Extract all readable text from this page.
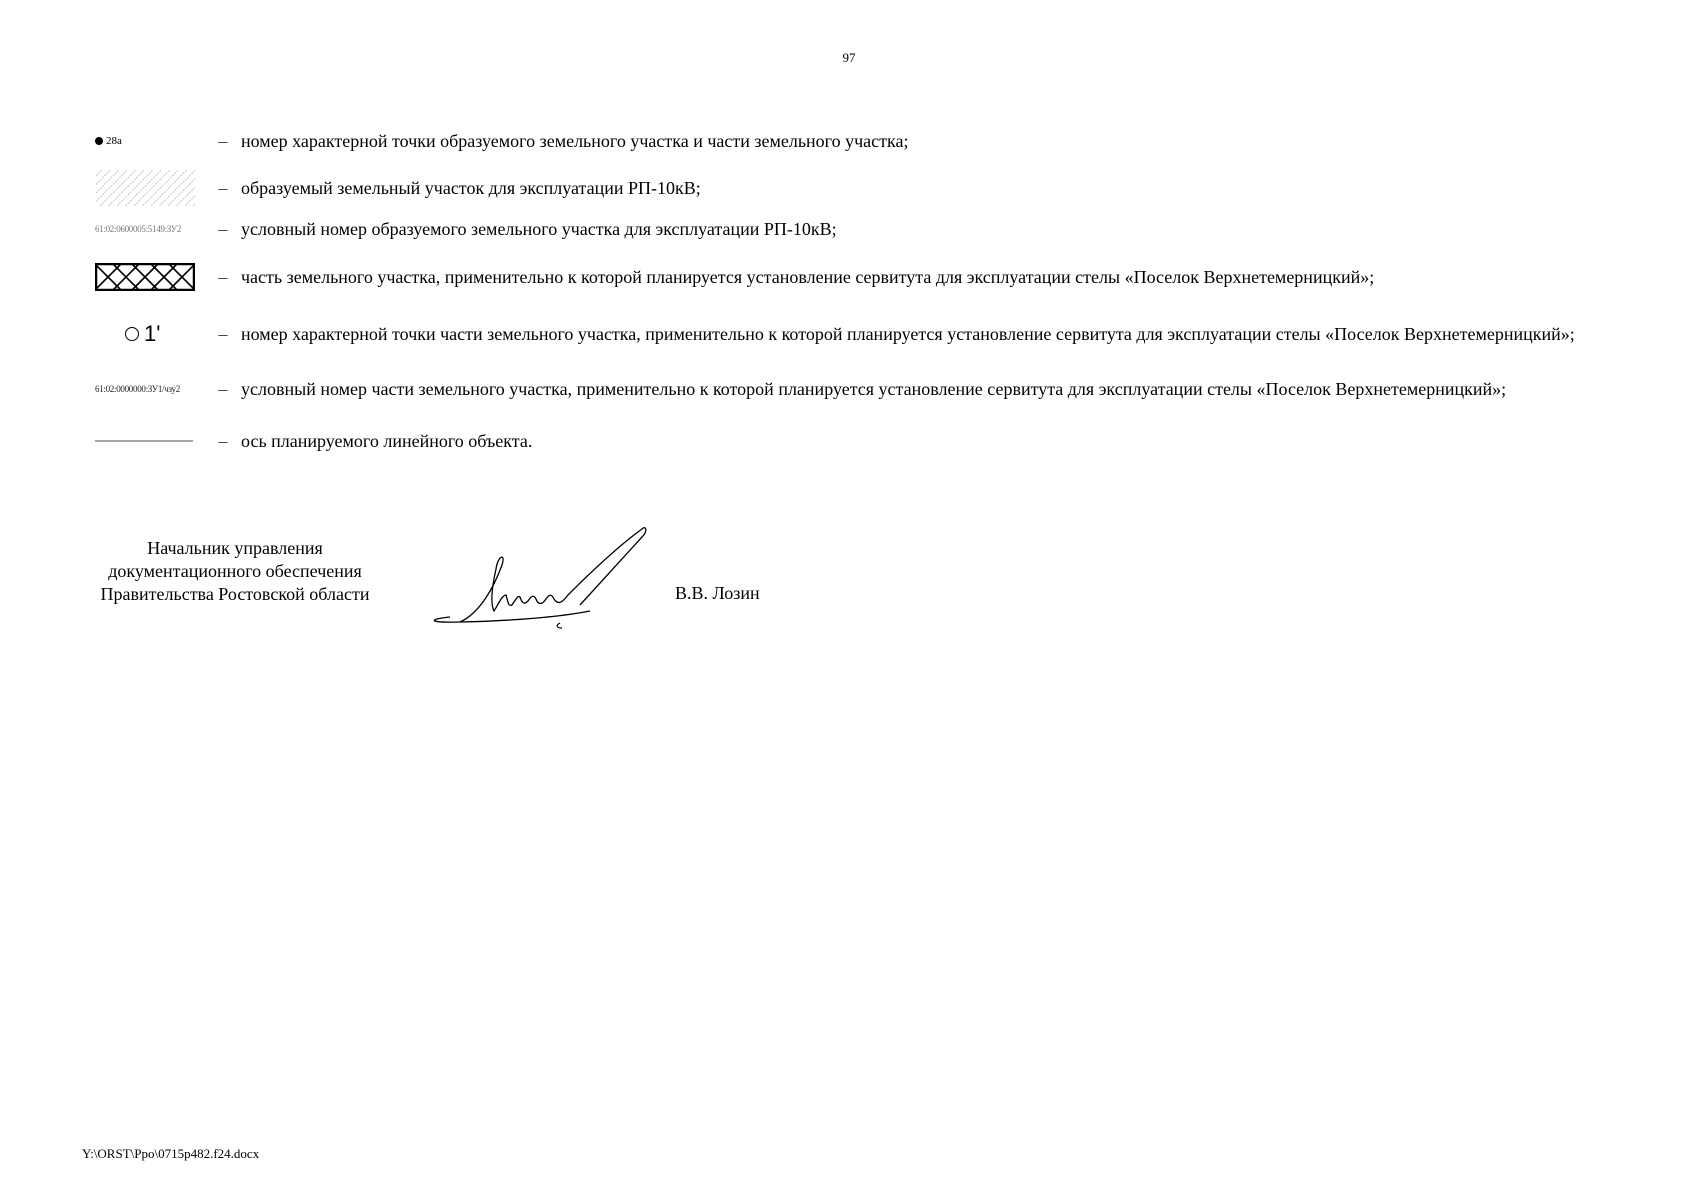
97
28а	– номер характерной точки образуемого земельного участка и части земельного участка;
– образуемый земельный участок для эксплуатации РП-10кВ;
61:02:0600005:5149:ЗУ2	– условный номер образуемого земельного участка для эксплуатации РП-10кВ;
– часть земельного участка, применительно к которой планируется установление сервитута для эксплуатации стелы «Поселок Верхнетемерницкий»;
1'	– номер характерной точки части земельного участка, применительно к которой планируется установление сервитута для эксплуатации стелы «Поселок Верхнетемерницкий»;
61:02:0000000:ЗУ1/чзу2	– условный номер части земельного участка, применительно к которой планируется установление сервитута для эксплуатации стелы «Поселок Верхнетемерницкий»;
– ось планируемого линейного объекта.
Начальник управления
документационного обеспечения
Правительства Ростовской области	В.В. Лозин
Y:\ORST\Ppo\0715p482.f24.docx
